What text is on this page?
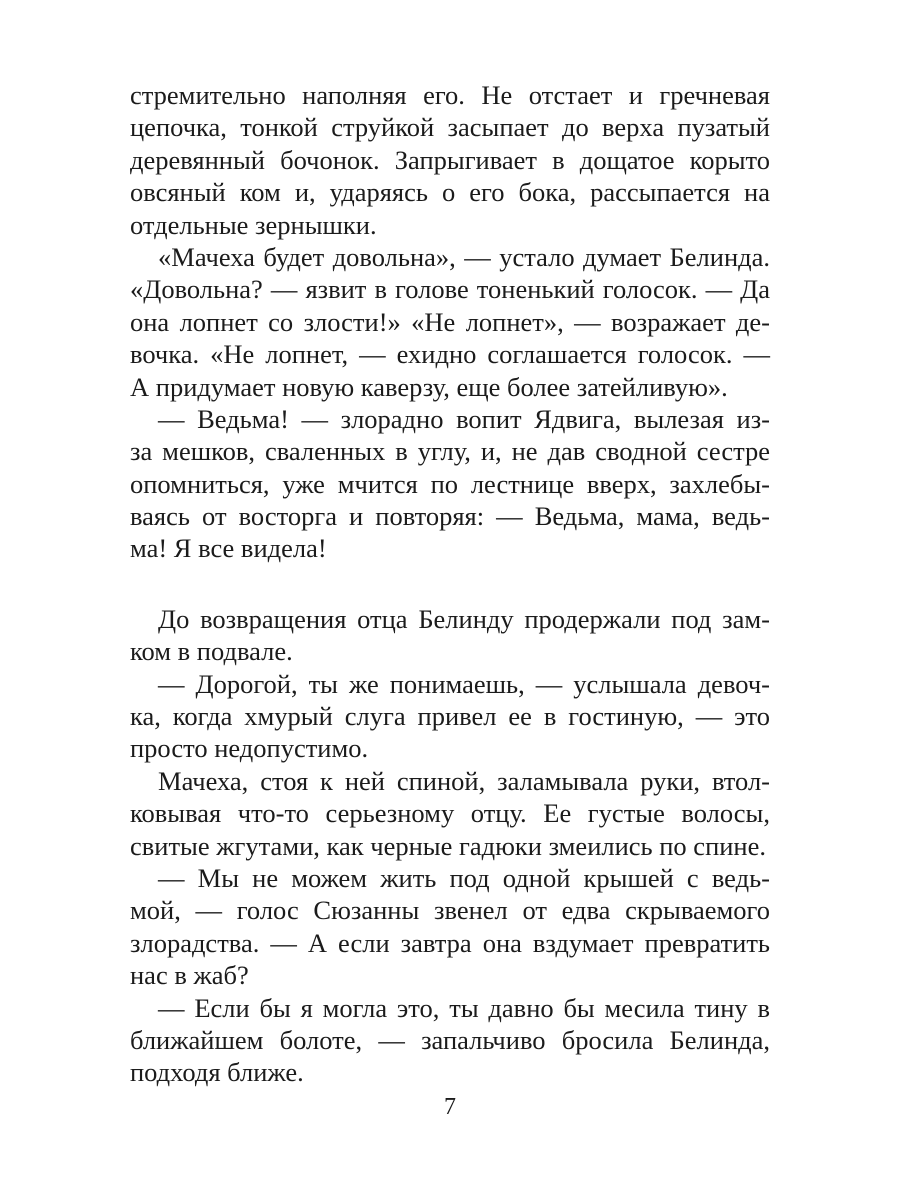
стремительно наполняя его. Не отстает и гречневая
цепочка, тонкой струйкой засыпает до верха пузатый
деревянный бочонок. Запрыгивает в дощатое корыто
овсяный ком и, ударяясь о его бока, рассыпается на
отдельные зернышки.
«Мачеха будет довольна», — устало думает Белинда.
«Довольна? — язвит в голове тоненький голосок. — Да
она лопнет со злости!» «Не лопнет», — возражает де-
вочка. «Не лопнет, — ехидно соглашается голосок. —
А придумает новую каверзу, еще более затейливую».
— Ведьма! — злорадно вопит Ядвига, вылезая из-
за мешков, сваленных в углу, и, не дав сводной сестре
опомниться, уже мчится по лестнице вверх, захлебы-
ваясь от восторга и повторяя: — Ведьма, мама, ведь-
ма! Я все видела!
До возвращения отца Белинду продержали под зам-
ком в подвале.
— Дорогой, ты же понимаешь, — услышала девоч-
ка, когда хмурый слуга привел ее в гостиную, — это
просто недопустимо.
Мачеха, стоя к ней спиной, заламывала руки, втол-
ковывая что-то серьезному отцу. Ее густые волосы,
свитые жгутами, как черные гадюки змеились по спине.
— Мы не можем жить под одной крышей с ведь-
мой, — голос Сюзанны звенел от едва скрываемого
злорадства. — А если завтра она вздумает превратить
нас в жаб?
— Если бы я могла это, ты давно бы месила тину в
ближайшем болоте, — запальчиво бросила Белинда,
подходя ближе.
7
